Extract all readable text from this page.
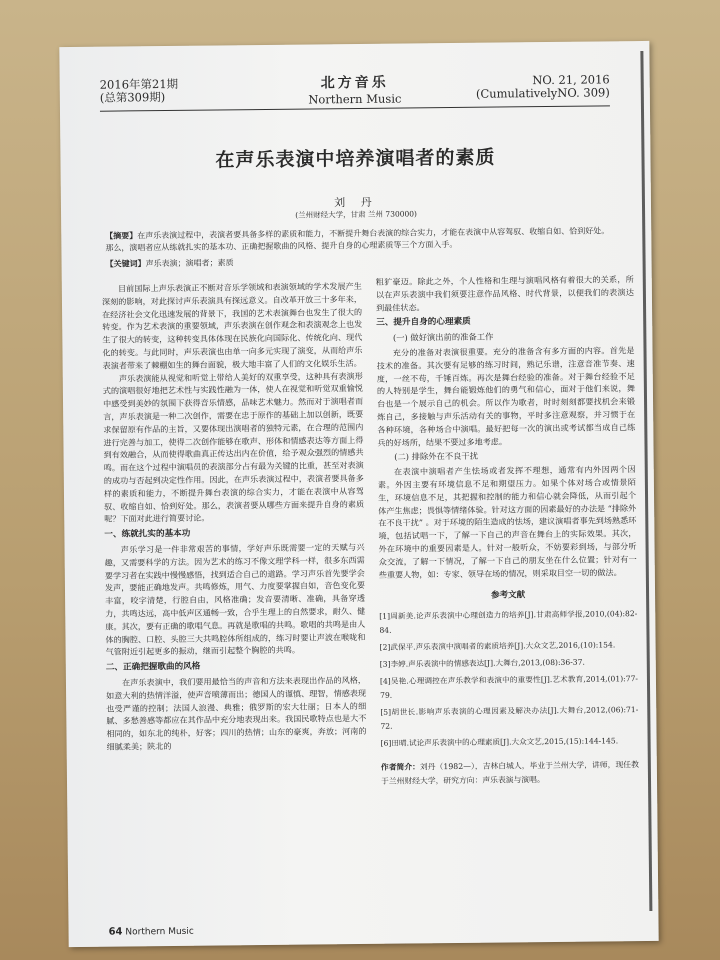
2016年第21期
(总第309期)
北方音乐
Northern Music
NO. 21, 2016
(CumulativelyNO. 309)
在声乐表演中培养演唱者的素质
刘 丹
(兰州财经大学，甘肃 兰州 730000)
【摘要】在声乐表演过程中，表演者要具备多样的素质和能力，不断提升舞台表演的综合实力，才能在表演中从容驾驭、收缩自如、恰到好处。那么，演唱者应从练就扎实的基本功、正确把握歌曲的风格、提升自身的心理素质等三个方面入手。
【关键词】声乐表演；演唱者；素质

目前国际上声乐表演正不断对音乐学领域和表演领域的学术发展产生深刻的影响，对此探讨声乐表演具有探远意义。自改革开放三十多年来，在经济社会文化迅速发展的背景下，我国的艺术表演舞台也发生了很大的转变。作为艺术表演的重要领域，声乐表演在创作观念和表演观念上也发生了很大的转变，这种转变具体体现在民族化向国际化、传统化向、现代化的转变。与此同时，声乐表演也由单一向多元实现了演变，从而给声乐表演者带来了棘棚如生的舞台面貌，极大地丰富了人们的文化娱乐生活。

声乐表演能从视觉和听觉上带给人美好的双重享受，这种具有表演形式的演唱很好地把艺术性与实践性融为一体，使人在视觉和听觉双重愉悦中感受到美妙的氛围下获得音乐情感，品味艺术魅力。然而对于演唱者而言，声乐表演是一种二次创作，需要在忠于原作的基础上加以创新，既要求保留原有作品的主旨，又要体现出演唱者的独特元素，在合理的范围内进行完善与加工，使得二次创作能够在歌声、形体和情感表达等方面上得到有效融合，从而使得歌曲真正传达出内在价值，给予观众强烈的情感共鸣。而在这个过程中演唱员的表演部分占有最为关键的比重，甚至对表演的成功与否起到决定性作用。因此，在声乐表演过程中，表演者要具备多样的素质和能力，不断提升舞台表演的综合实力，才能在表演中从容驾驭、收缩自如、恰到好处。那么，表演者要从哪些方面来提升自身的素质呢？下面对此进行简要讨论。

一、练就扎实的基本功

声乐学习是一件非常艰苦的事情，学好声乐既需要一定的天赋与兴趣，又需要科学的方法。因为艺术的练习不像文理学科一样，很多东西需要学习者在实践中慢慢感悟，找到适合自己的道路。学习声乐首先要学会发声，要能正确地发声。共鸣修炼，用气、力度要掌握自如，音色变化要丰富，咬字清楚，行腔自由，风格准确；发音要清晰、准确，具备穿透力，共鸣达远，高中低声区通畅一致，合乎生理上的自然要求，耐久、健康。其次，要有正确的歌唱气息。再就是歌唱的共鸣。歌唱的共鸣是由人体的胸腔、口腔、头腔三大共鸣腔体所组成的，练习时要让声波在喉咙和气管附近引起更多的振动，继而引起整个胸腔的共鸣。

二、正确把握歌曲的风格

在声乐表演中，我们要用最恰当的声音和方法来表现出作品的风格，如意大利的热情洋溢，使声音喷薄而出；德国人的谨慎、理智，情感表现也受严谨的控制；法国人浪漫、典雅；俄罗斯的宏大壮丽；日本人的细腻、多愁善感等都应在其作品中充分地表现出来。我国民歌特点也是大不相同的，如东北的纯朴，好客；四川的热情；山东的豪爽，奔放；河南的细腻柔美；陕北的

粗犷豪迈。除此之外，个人性格和生理与演唱风格有着很大的关系，所以在声乐表演中我们须要注意作品风格、时代背景，以便我们的表演达到最佳状态。

三、提升自身的心理素质
(一) 做好演出前的准备工作

充分的准备对表演很重要。充分的准备含有多方面的内容。首先是技术的准备。其次要有足够的练习时间，熟记乐谱，注意音准节奏、速度，一丝不苟，千锤百炼。再次是舞台经验的准备。对于舞台经验不足的人特别是学生，舞台能锻炼他们的勇气和信心，面对于他们来说，舞台也是一个展示自己的机会。所以作为歌者，时时刻刻都要找机会来锻炼自己，多接触与声乐活动有关的事物，平时多注意观察，并习惯于在各种环境，各种场合中演唱。最好把每一次的演出或考试都当成自己练兵的好场所，结果不要过多地考虑。

(二) 排除外在不良干扰

在表演中演唱者产生怯场或者发挥不理想，通常有内外因两个因素。外因主要有环境信息不足和期望压力。如果个体对场合或情景陌生，环境信息不足，其把握和控制的能力和信心就会降低，从而引起个体产生焦虑；畏惧等情绪体验。针对这方面的因素最好的办法是 “排除外在不良干扰” 。对于环境的陌生造成的怯场，建议演唱者事先到场熟悉环境，包括试唱一下，了解一下自己的声音在舞台上的实际效果。其次，外在环境中的重要因素是人。针对一般听众，不妨要彩到场，与部分听众交流，了解一下情况，了解一下自己的朋友坐在什么位置；针对有一些重要人物，如：专家、领导在场的情况，则采取目空一切的做法。

参考文献
[1]周新美.论声乐表演中心理创造力的培养[J].甘肃高师学报,2010,(04):82-84.
[2]武保平.声乐表演中演唱者的素质培养[J].大众文艺,2016,(10):154.
[3]李婷.声乐表演中的情感表达[J].大舞台,2013,(08):36-37.
[4]吴艳.心理调控在声乐教学和表演中的重要性[J].艺术教育,2014,(01):77-79.
[5]胡世长.影响声乐表演的心理因素及解决办法[J].大舞台,2012,(06):71-72.
[6]田晴.试论声乐表演中的心理素质[J].大众文艺,2015,(15):144-145.
作者简介：刘丹（1982—），吉林白城人，毕业于兰州大学，讲师，现任教于兰州财经大学，研究方向：声乐表演与演唱。
64 Northern Music
